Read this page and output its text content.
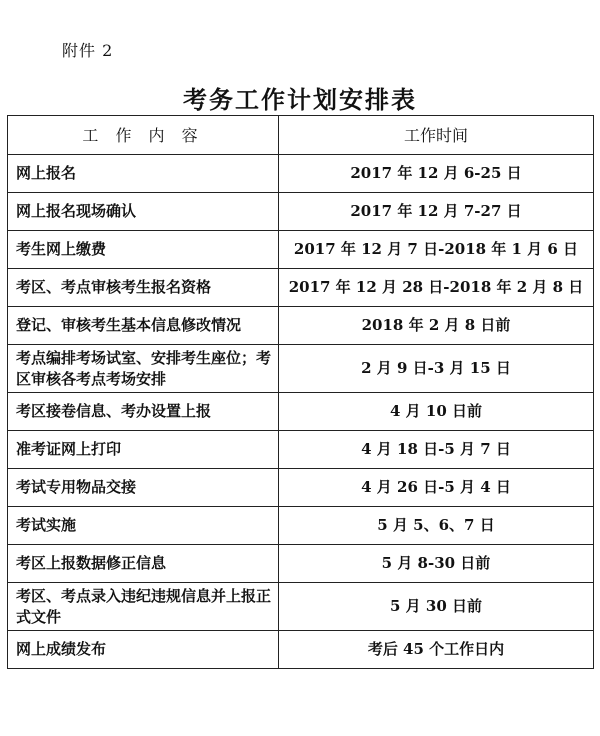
附件 2
考务工作计划安排表
工 作 内 容	工作时间
网上报名	2017 年 12 月 6-25 日
网上报名现场确认	2017 年 12 月 7-27 日
考生网上缴费	2017 年 12 月 7 日-2018 年 1 月 6 日
考区、考点审核考生报名资格	2017 年 12 月 28 日-2018 年 2 月 8 日
登记、审核考生基本信息修改情况	2018 年 2 月 8 日前
考点编排考场试室、安排考生座位；考区审核各考点考场安排	2 月 9 日-3 月 15 日
考区接卷信息、考办设置上报	4 月 10 日前
准考证网上打印	4 月 18 日-5 月 7 日
考试专用物品交接	4 月 26 日-5 月 4 日
考试实施	5 月 5、6、7 日
考区上报数据修正信息	5 月 8-30 日前
考区、考点录入违纪违规信息并上报正式文件	5 月 30 日前
网上成绩发布	考后 45 个工作日内
